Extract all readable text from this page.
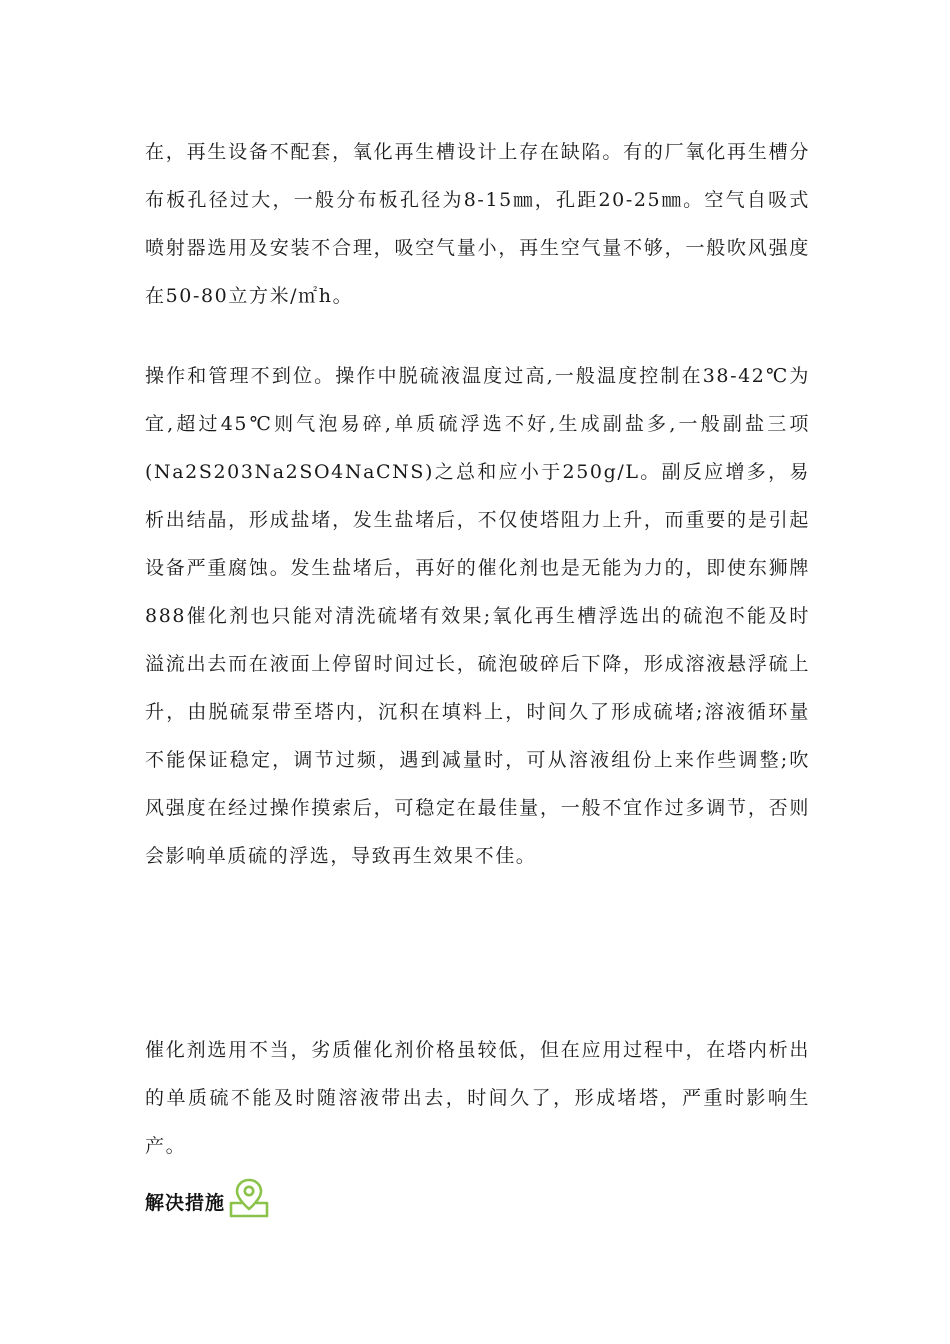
在，再生设备不配套，氧化再生槽设计上存在缺陷。有的厂氧化再生槽分布板孔径过大，一般分布板孔径为8-15㎜，孔距20-25㎜。空气自吸式喷射器选用及安装不合理，吸空气量小，再生空气量不够，一般吹风强度在50-80立方米/㎡h。

操作和管理不到位。操作中脱硫液温度过高,一般温度控制在38-42℃为宜,超过45℃则气泡易碎,单质硫浮选不好,生成副盐多,一般副盐三项(Na2S203Na2SO4NaCNS)之总和应小于250g/L。副反应增多，易析出结晶，形成盐堵，发生盐堵后，不仅使塔阻力上升，而重要的是引起设备严重腐蚀。发生盐堵后，再好的催化剂也是无能为力的，即使东狮牌888催化剂也只能对清洗硫堵有效果;氧化再生槽浮选出的硫泡不能及时溢流出去而在液面上停留时间过长，硫泡破碎后下降，形成溶液悬浮硫上升，由脱硫泵带至塔内，沉积在填料上，时间久了形成硫堵;溶液循环量不能保证稳定，调节过频，遇到减量时，可从溶液组份上来作些调整;吹风强度在经过操作摸索后，可稳定在最佳量，一般不宜作过多调节，否则会影响单质硫的浮选，导致再生效果不佳。

催化剂选用不当，劣质催化剂价格虽较低，但在应用过程中，在塔内析出的单质硫不能及时随溶液带出去，时间久了，形成堵塔，严重时影响生产。

解决措施
